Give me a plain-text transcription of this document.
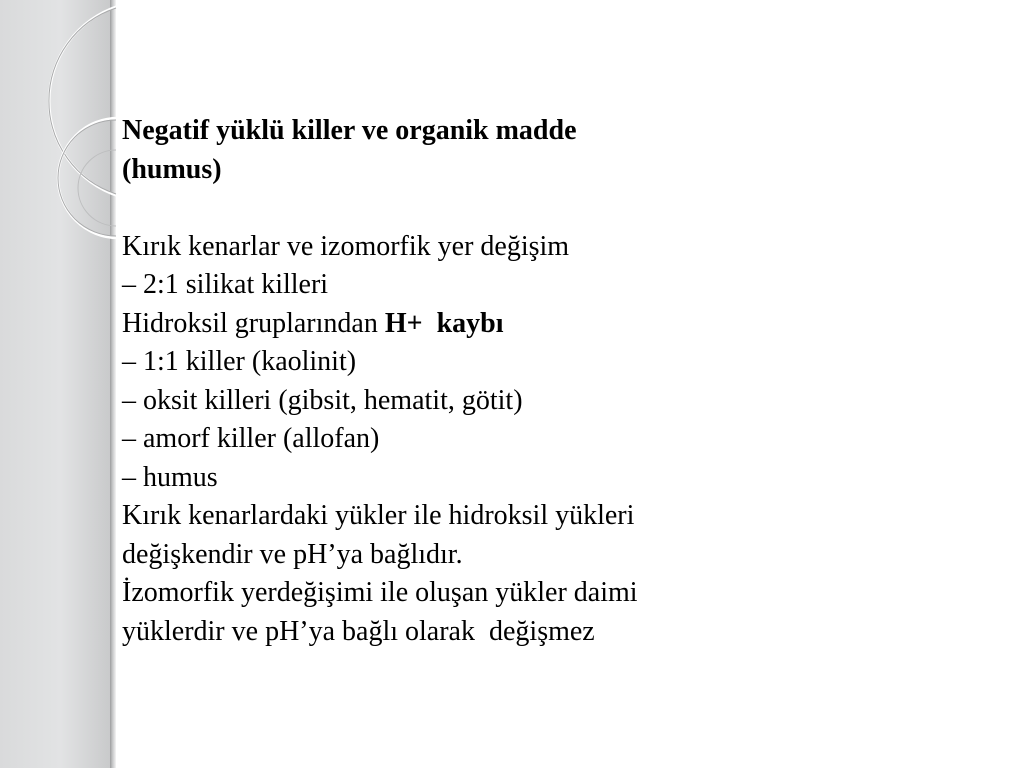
Negatif yüklü killer ve organik madde
(humus)
Kırık kenarlar ve izomorfik yer değişim
– 2:1 silikat killeri
Hidroksil gruplarından H+  kaybı
– 1:1 killer (kaolinit)
– oksit killeri (gibsit, hematit, götit)
– amorf killer (allofan)
– humus
Kırık kenarlardaki yükler ile hidroksil yükleri
değişkendir ve pH’ya bağlıdır.
İzomorfik yerdeğişimi ile oluşan yükler daimi
yüklerdir ve pH’ya bağlı olarak  değişmez
